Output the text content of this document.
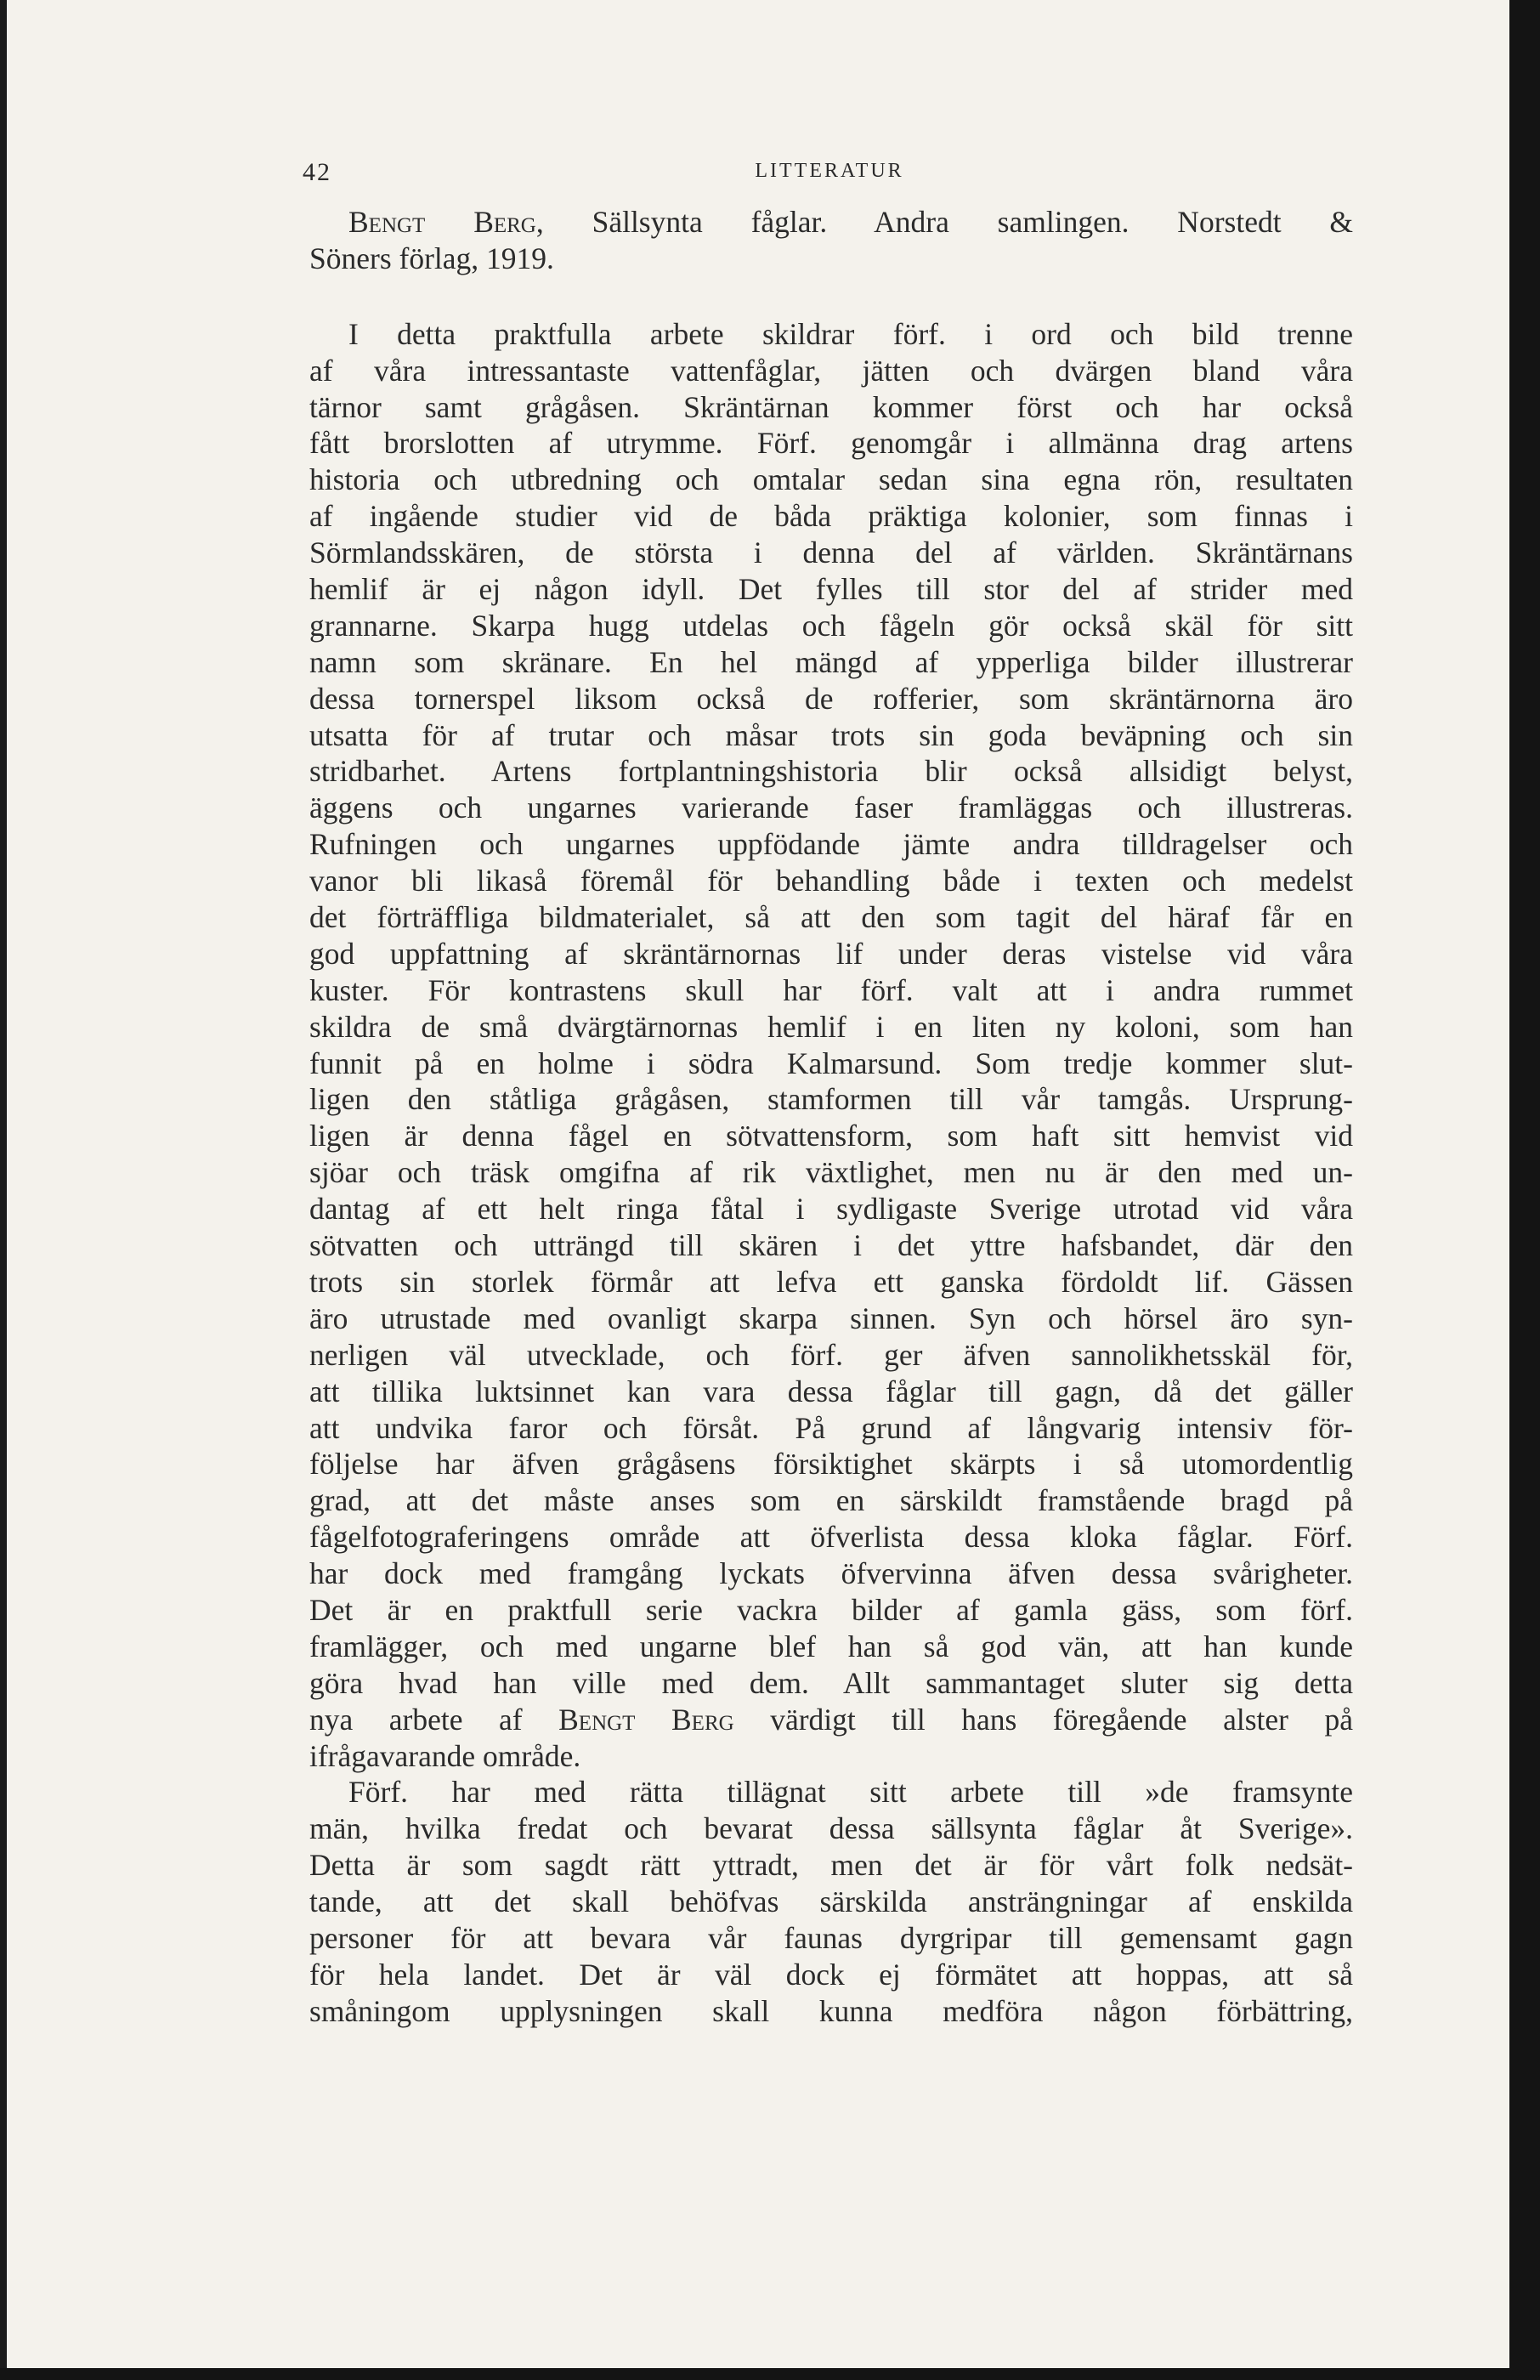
42	LITTERATUR
Bengt Berg, Sällsynta fåglar. Andra samlingen. Norstedt &
Söners förlag, 1919.
I detta praktfulla arbete skildrar förf. i ord och bild trenne
af våra intressantaste vattenfåglar, jätten och dvärgen bland våra
tärnor samt grågåsen. Skräntärnan kommer först och har också
fått brorslotten af utrymme. Förf. genomgår i allmänna drag artens
historia och utbredning och omtalar sedan sina egna rön, resultaten
af ingående studier vid de båda präktiga kolonier, som finnas i
Sörmlandsskären, de största i denna del af världen. Skräntärnans
hemlif är ej någon idyll. Det fylles till stor del af strider med
grannarne. Skarpa hugg utdelas och fågeln gör också skäl för sitt
namn som skränare. En hel mängd af ypperliga bilder illustrerar
dessa tornerspel liksom också de rofferier, som skräntärnorna äro
utsatta för af trutar och måsar trots sin goda beväpning och sin
stridbarhet. Artens fortplantningshistoria blir också allsidigt belyst,
äggens och ungarnes varierande faser framläggas och illustreras.
Rufningen och ungarnes uppfödande jämte andra tilldragelser och
vanor bli likaså föremål för behandling både i texten och medelst
det förträffliga bildmaterialet, så att den som tagit del häraf får en
god uppfattning af skräntärnornas lif under deras vistelse vid våra
kuster. För kontrastens skull har förf. valt att i andra rummet
skildra de små dvärgtärnornas hemlif i en liten ny koloni, som han
funnit på en holme i södra Kalmarsund. Som tredje kommer slut-
ligen den ståtliga grågåsen, stamformen till vår tamgås. Ursprung-
ligen är denna fågel en sötvattensform, som haft sitt hemvist vid
sjöar och träsk omgifna af rik växtlighet, men nu är den med un-
dantag af ett helt ringa fåtal i sydligaste Sverige utrotad vid våra
sötvatten och utträngd till skären i det yttre hafsbandet, där den
trots sin storlek förmår att lefva ett ganska fördoldt lif. Gässen
äro utrustade med ovanligt skarpa sinnen. Syn och hörsel äro syn-
nerligen väl utvecklade, och förf. ger äfven sannolikhetsskäl för,
att tillika luktsinnet kan vara dessa fåglar till gagn, då det gäller
att undvika faror och försåt. På grund af långvarig intensiv för-
följelse har äfven grågåsens försiktighet skärpts i så utomordentlig
grad, att det måste anses som en särskildt framstående bragd på
fågelfotograferingens område att öfverlista dessa kloka fåglar. Förf.
har dock med framgång lyckats öfvervinna äfven dessa svårigheter.
Det är en praktfull serie vackra bilder af gamla gäss, som förf.
framlägger, och med ungarne blef han så god vän, att han kunde
göra hvad han ville med dem. Allt sammantaget sluter sig detta
nya arbete af Bengt Berg värdigt till hans föregående alster på
ifrågavarande område.
Förf. har med rätta tillägnat sitt arbete till »de framsynte
män, hvilka fredat och bevarat dessa sällsynta fåglar åt Sverige».
Detta är som sagdt rätt yttradt, men det är för vårt folk nedsät-
tande, att det skall behöfvas särskilda ansträngningar af enskilda
personer för att bevara vår faunas dyrgripar till gemensamt gagn
för hela landet. Det är väl dock ej förmätet att hoppas, att så
småningom upplysningen skall kunna medföra någon förbättring,
